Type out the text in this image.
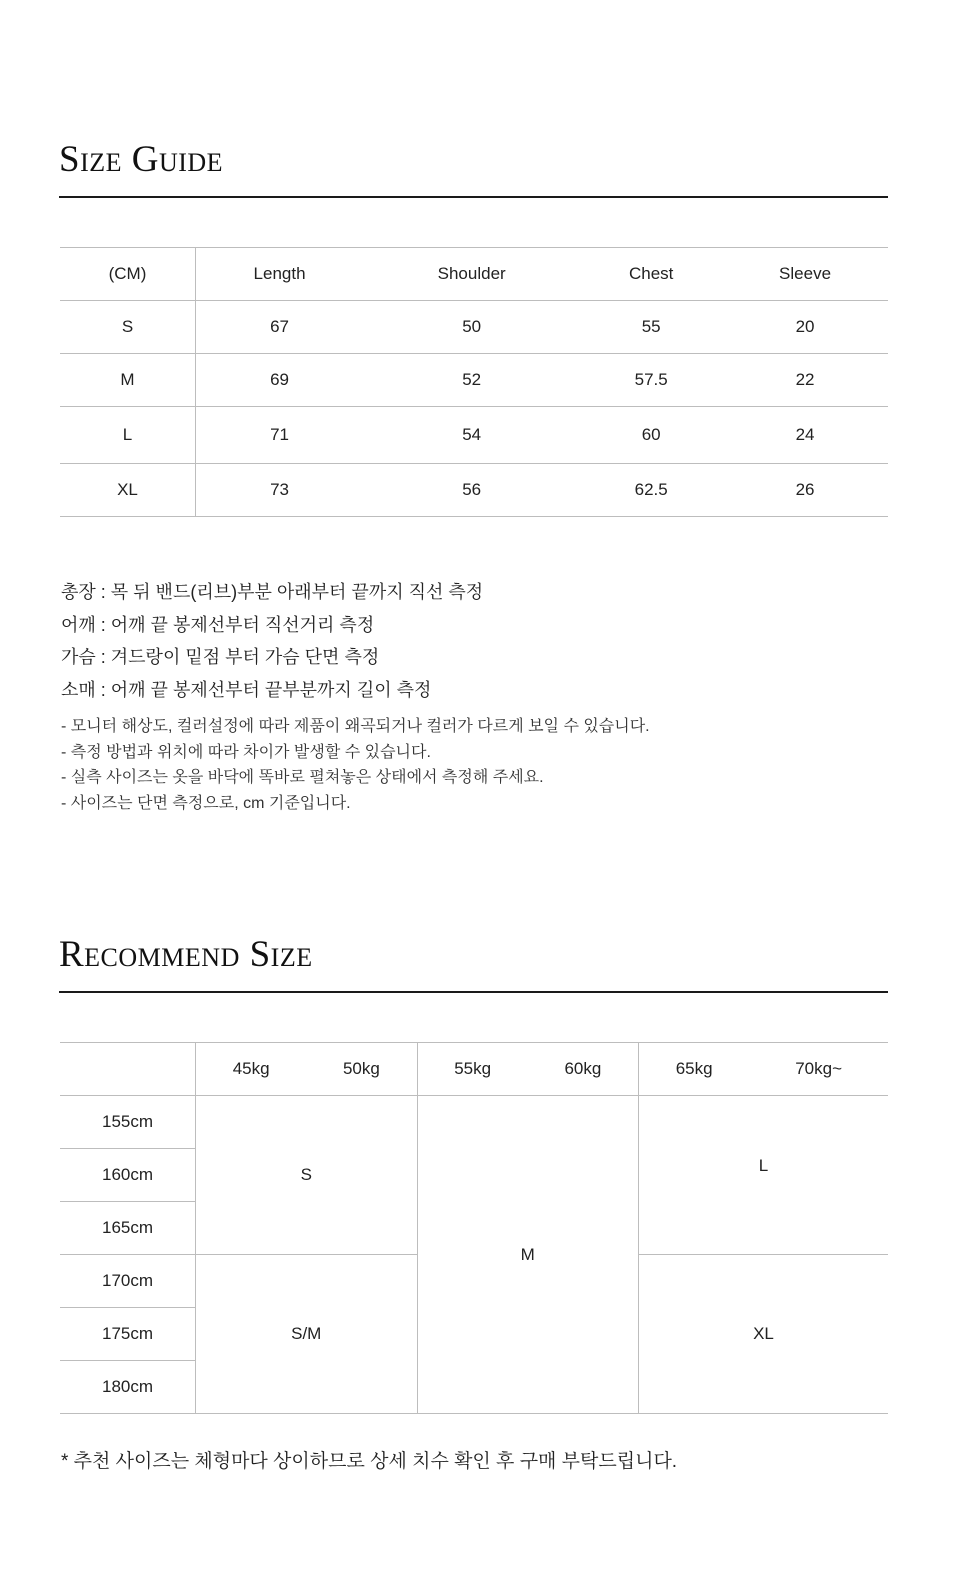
Size Guide
(CM)	Length	Shoulder	Chest	Sleeve
S	67	50	55	20
M	69	52	57.5	22
L	71	54	60	24
XL	73	56	62.5	26
총장 : 목 뒤 밴드(리브)부분 아래부터 끝까지 직선 측정
어깨 : 어깨 끝 봉제선부터 직선거리 측정
가슴 : 겨드랑이 밑점 부터 가슴 단면 측정
소매 : 어깨 끝 봉제선부터 끝부분까지 길이 측정
- 모니터 해상도, 컬러설정에 따라 제품이 왜곡되거나 컬러가 다르게 보일 수 있습니다.
- 측정 방법과 위치에 따라 차이가 발생할 수 있습니다.
- 실측 사이즈는 옷을 바닥에 똑바로 펼쳐놓은 상태에서 측정해 주세요.
- 사이즈는 단면 측정으로, cm 기준입니다.
Recommend Size
	45kg	50kg	55kg	60kg	65kg	70kg~
155cm	S		M		L	
160cm						
165cm						
170cm	S/M				XL	
175cm						
180cm						
* 추천 사이즈는 체형마다 상이하므로 상세 치수 확인 후 구매 부탁드립니다.
